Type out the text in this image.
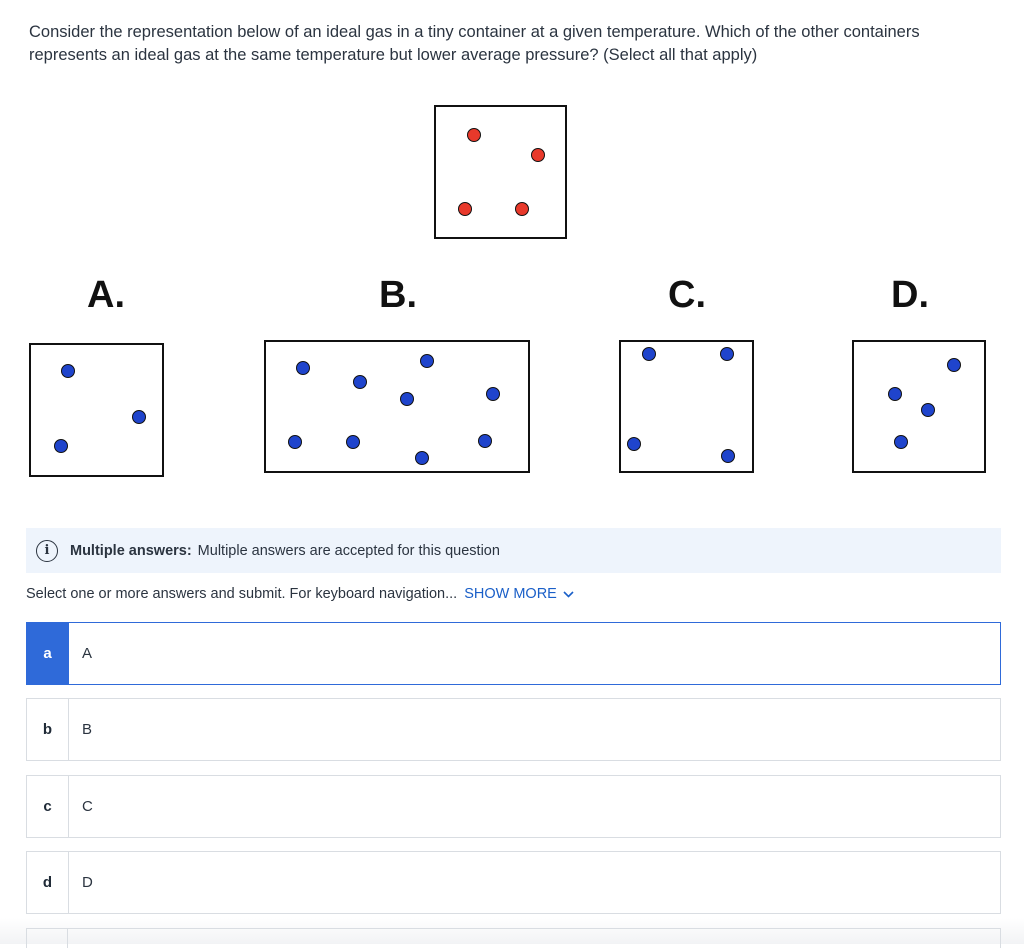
Consider the representation below of an ideal gas in a tiny container at a given temperature. Which of the other containers represents an ideal gas at the same temperature but lower average pressure? (Select all that apply)
A.	B.	C.	D.
i	Multiple answers: Multiple answers are accepted for this question
Select one or more answers and submit. For keyboard navigation... SHOW MORE
a	A
b	B
c	C
d	D
